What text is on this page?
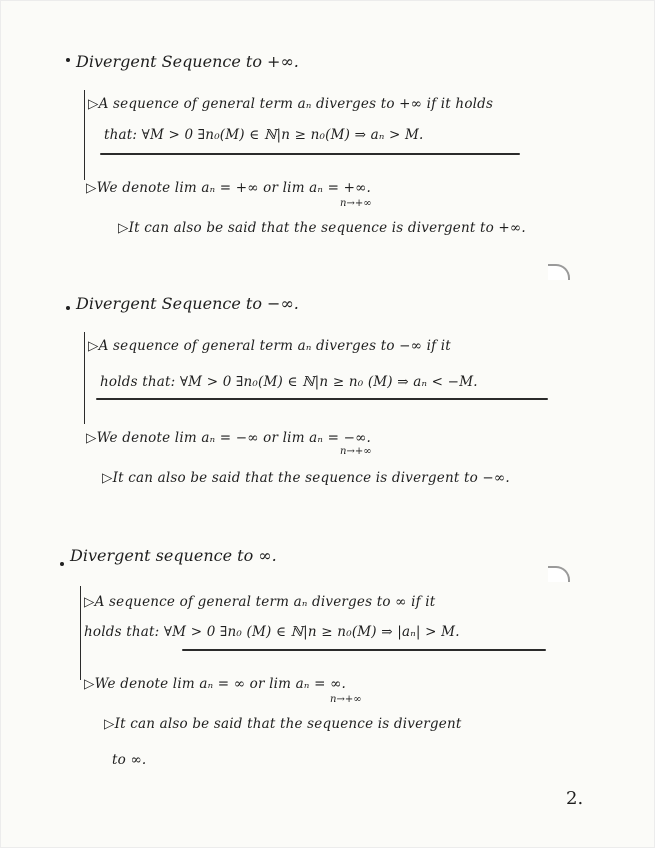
Divergent Sequence to +∞.
▷A sequence of general term aₙ diverges to +∞ if it holds
that: ∀M > 0 ∃n₀(M) ∈ ℕ|n ≥ n₀(M) ⇒ aₙ > M.
▷We denote lim aₙ = +∞ or lim aₙ = +∞.
n→+∞
▷It can also be said that the sequence is divergent to +∞.
Divergent Sequence to −∞.
▷A sequence of general term aₙ diverges to −∞ if it
holds that: ∀M > 0 ∃n₀(M) ∈ ℕ|n ≥ n₀ (M) ⇒ aₙ < −M.
▷We denote lim aₙ = −∞ or lim aₙ = −∞.
n→+∞
▷It can also be said that the sequence is divergent to −∞.
Divergent sequence to ∞.
▷A sequence of general term aₙ diverges to ∞ if it
holds that: ∀M > 0 ∃n₀ (M) ∈ ℕ|n ≥ n₀(M) ⇒ |aₙ| > M.
▷We denote lim aₙ = ∞ or lim aₙ = ∞.
n→+∞
▷It can also be said that the sequence is divergent
to ∞.
2.
